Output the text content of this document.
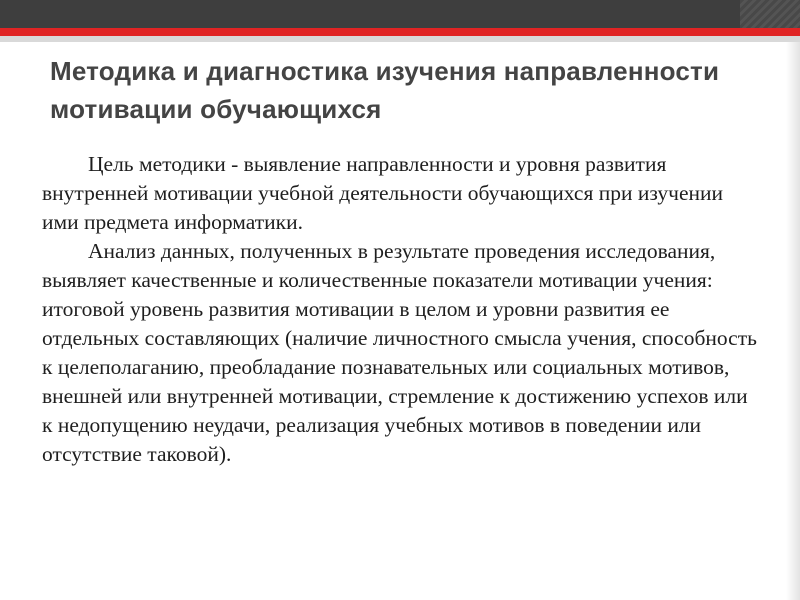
Методика и диагностика изучения направленности мотивации обучающихся

Цель методики - выявление направленности и уровня развития внутренней мотивации учебной деятельности обучающихся при изучении ими предмета информатики.

Анализ данных, полученных в результате проведения исследования, выявляет качественные и количественные показатели мотивации учения: итоговой уровень развития мотивации в целом и уровни развития ее отдельных составляющих (наличие личностного смысла учения, способность к целеполаганию, преобладание познавательных или социальных мотивов, внешней или внутренней мотивации, стремление к достижению успехов или к недопущению неудачи, реализация учебных мотивов в поведении или отсутствие таковой).
